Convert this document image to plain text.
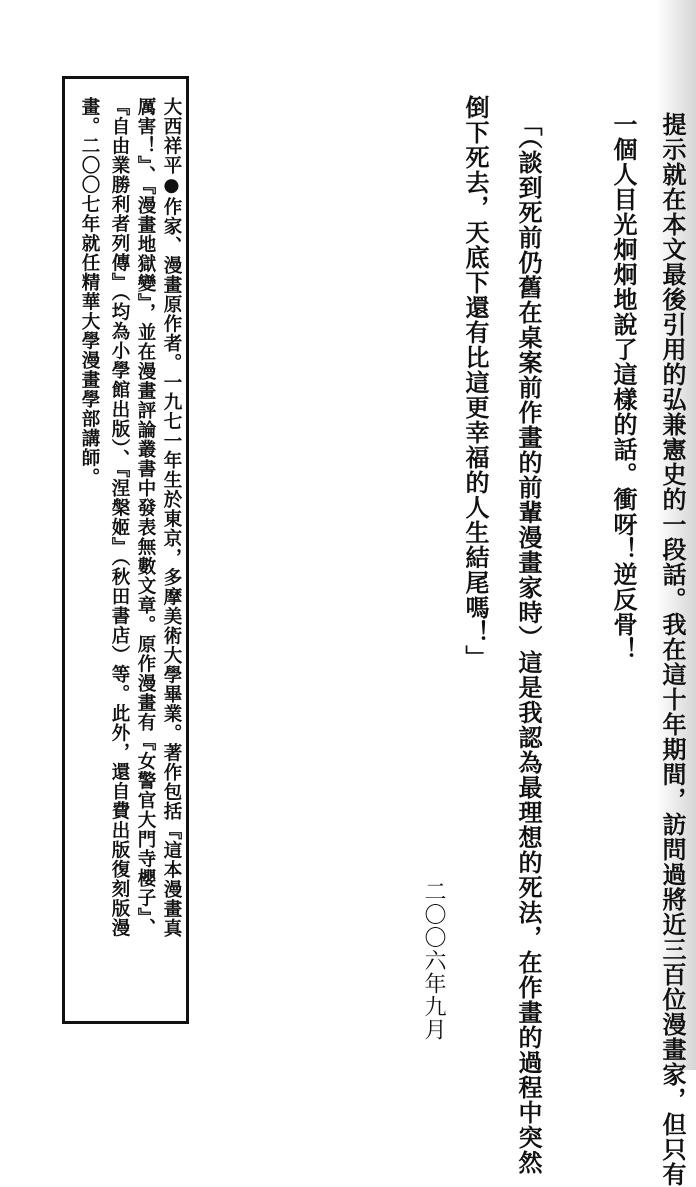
提示就在本文最後引用的弘兼憲史的一段話。我在這十年期間，訪問過將近三百位漫畫家，但只有
一個人目光炯炯地說了這樣的話。衝呀！逆反骨！
「（談到死前仍舊在桌案前作畫的前輩漫畫家時）這是我認為最理想的死法，在作畫的過程中突然
倒下死去，天底下還有比這更幸福的人生結尾嗎！」
二〇〇六年九月
大西祥平●作家、漫畫原作者。一九七一年生於東京，多摩美術大學畢業。著作包括『這本漫畫真
厲害！』、『漫畫地獄變』，並在漫畫評論叢書中發表無數文章。原作漫畫有『女警官大門寺櫻子』、
『自由業勝利者列傳』（均為小學館出版）、『涅槃姬』（秋田書店）等。此外，還自費出版復刻版漫
畫。二〇〇七年就任精華大學漫畫學部講師。
